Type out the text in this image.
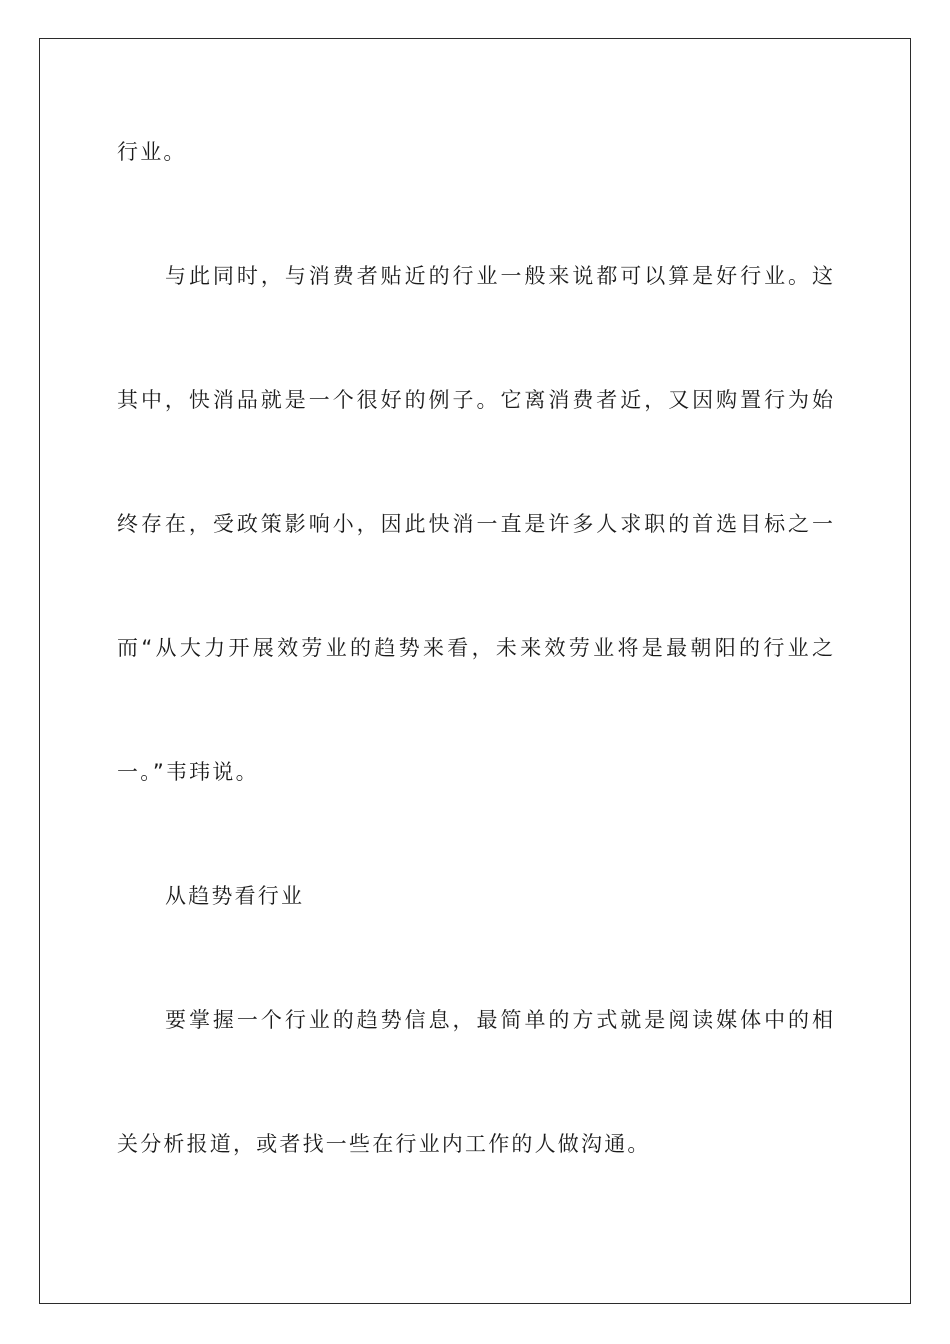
行业。

与此同时，与消费者贴近的行业一般来说都可以算是好行业。这

其中，快消品就是一个很好的例子。它离消费者近，又因购置行为始

终存在，受政策影响小，因此快消一直是许多人求职的首选目标之一

而“从大力开展效劳业的趋势来看，未来效劳业将是最朝阳的行业之

一。”韦玮说。

从趋势看行业

要掌握一个行业的趋势信息，最简单的方式就是阅读媒体中的相

关分析报道，或者找一些在行业内工作的人做沟通。
